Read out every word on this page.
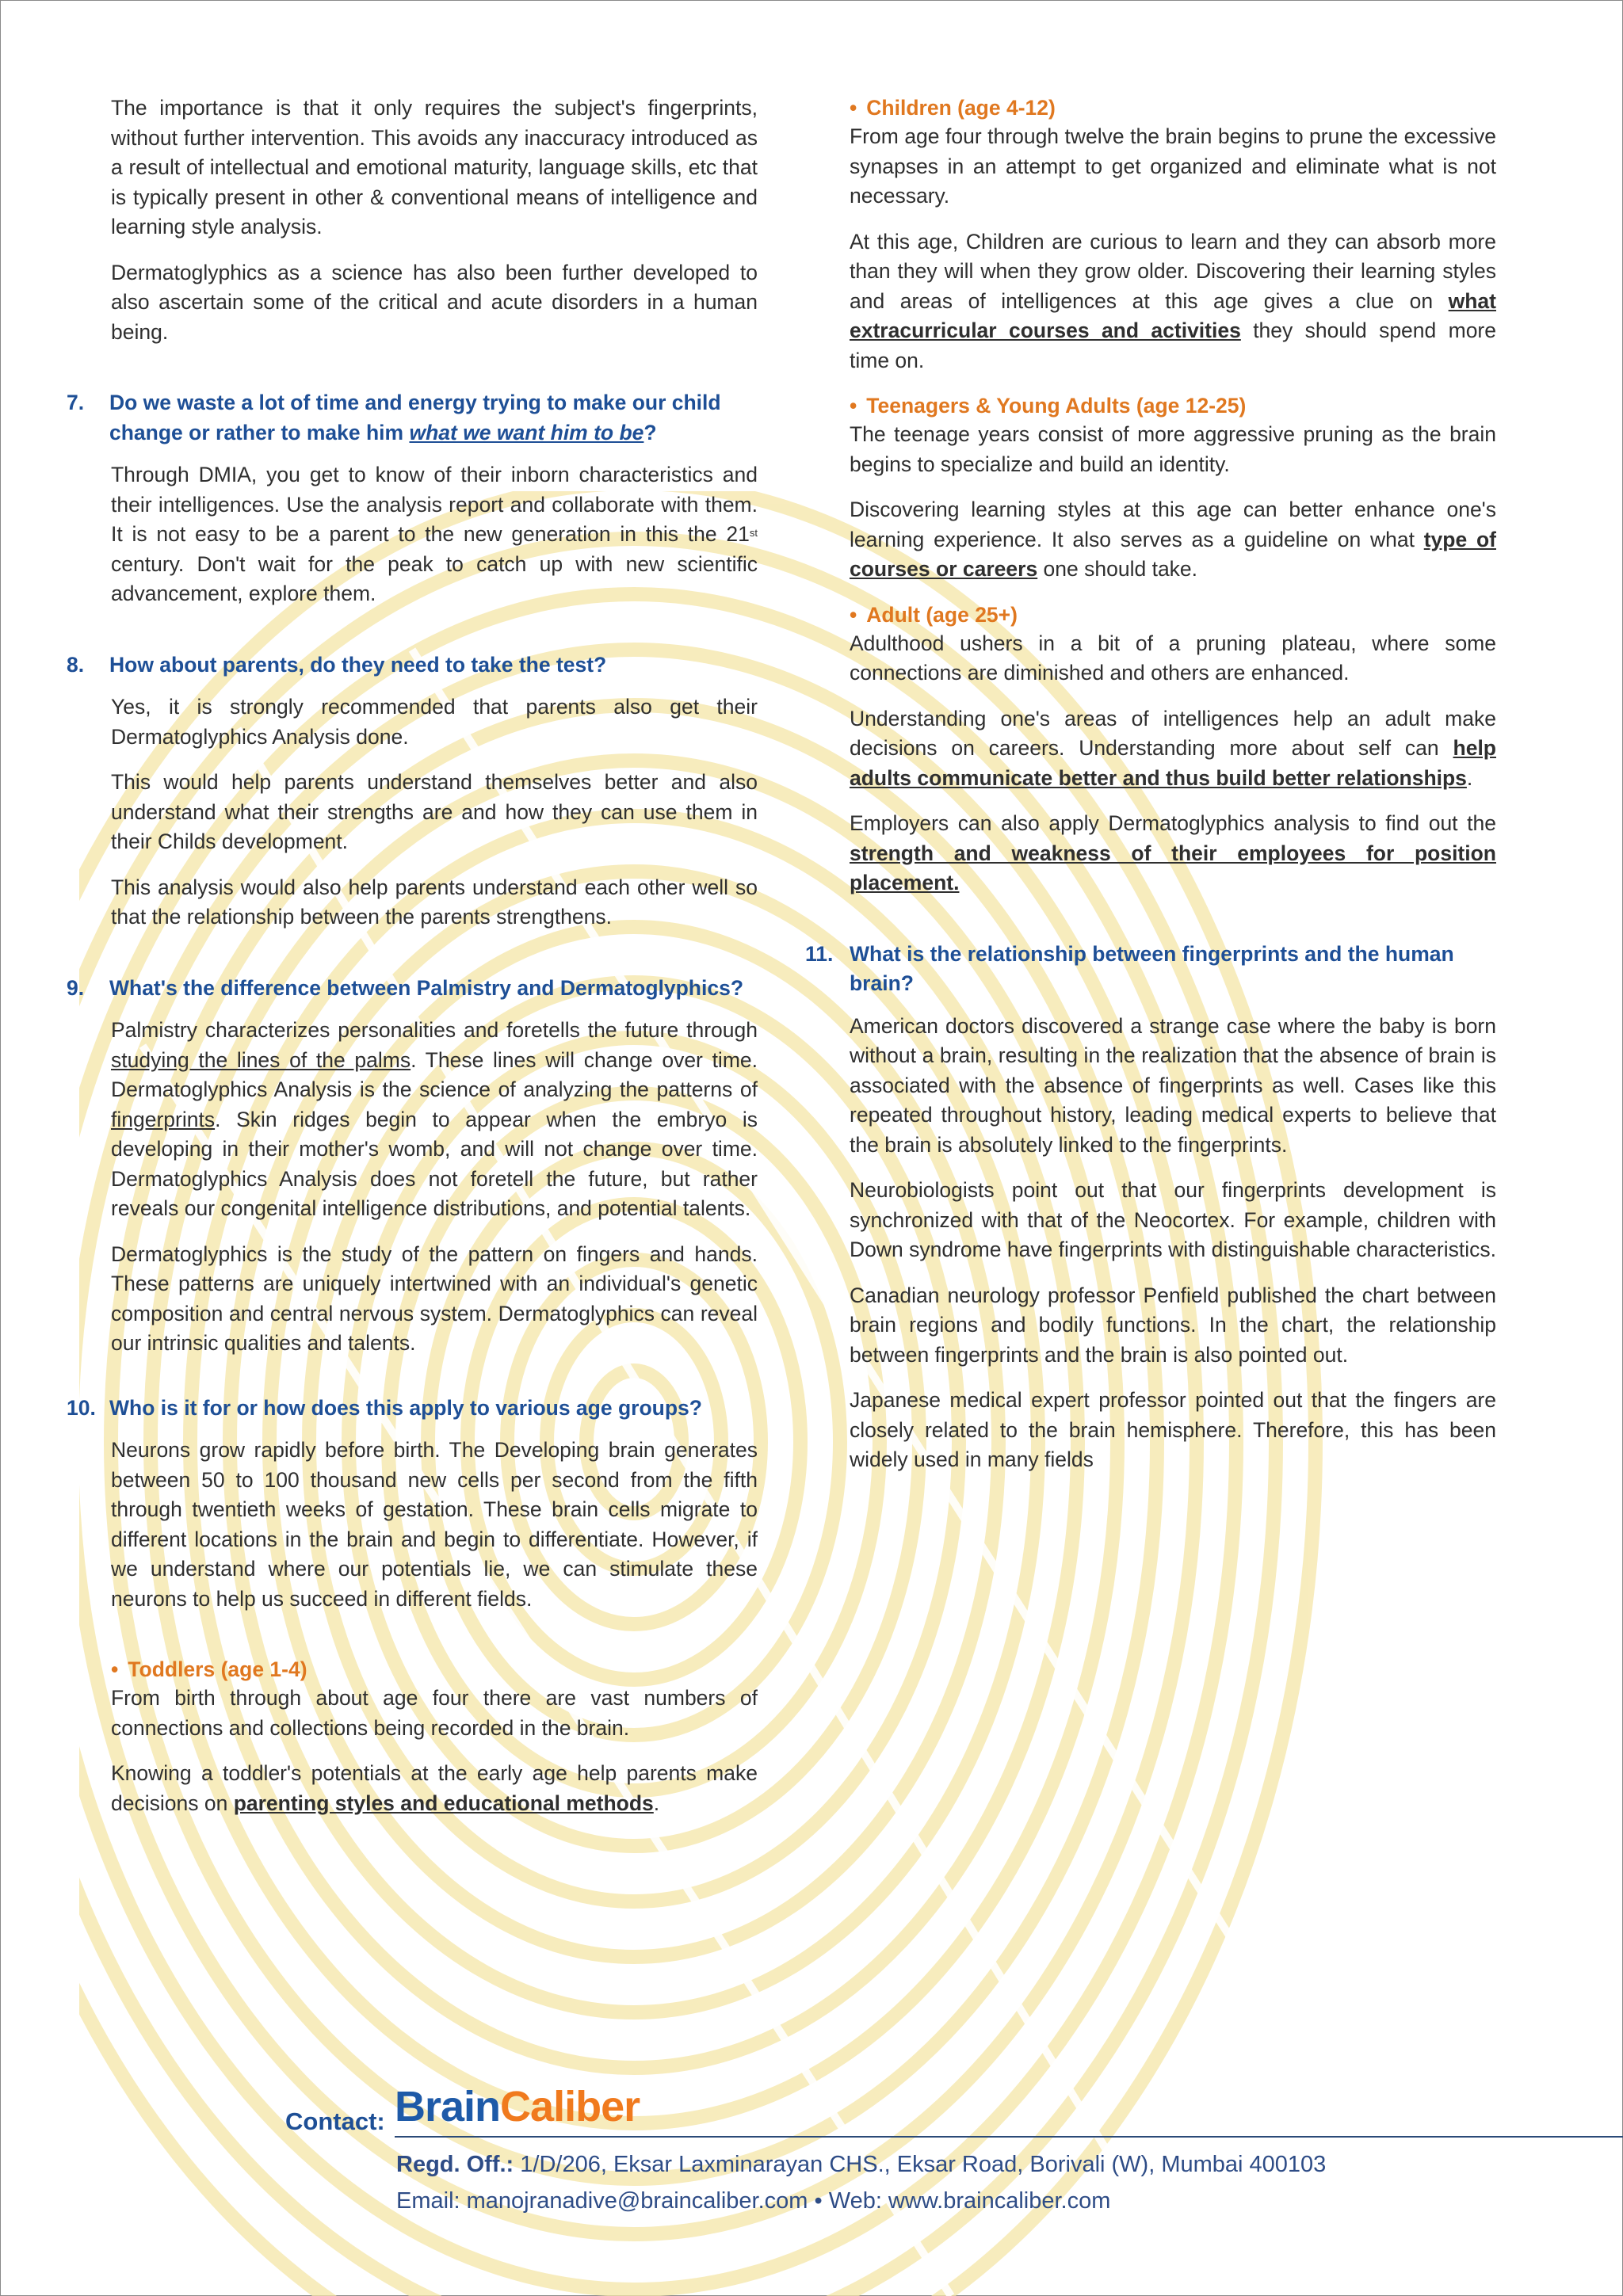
The importance is that it only requires the subject's fingerprints, without further intervention. This avoids any inaccuracy introduced as a result of intellectual and emotional maturity, language skills, etc that is typically present in other & conventional means of intelligence and learning style analysis.

Dermatoglyphics as a science has also been further developed to also ascertain some of the critical and acute disorders in a human being.

7.	Do we waste a lot of time and energy trying to make our child change or rather to make him what we want him to be?

Through DMIA, you get to know of their inborn characteristics and their intelligences. Use the analysis report and collaborate with them. It is not easy to be a parent to the new generation in this the 21st century. Don't wait for the peak to catch up with new scientific advancement, explore them.

8.	How about parents, do they need to take the test?

Yes, it is strongly recommended that parents also get their Dermatoglyphics Analysis done.

This would help parents understand themselves better and also understand what their strengths are and how they can use them in their Childs development.

This analysis would also help parents understand each other well so that the relationship between the parents strengthens.

9.	What's the difference between Palmistry and Dermatoglyphics?

Palmistry characterizes personalities and foretells the future through studying the lines of the palms. These lines will change over time. Dermatoglyphics Analysis is the science of analyzing the patterns of fingerprints. Skin ridges begin to appear when the embryo is developing in their mother's womb, and will not change over time. Dermatoglyphics Analysis does not foretell the future, but rather reveals our congenital intelligence distributions, and potential talents.

Dermatoglyphics is the study of the pattern on fingers and hands. These patterns are uniquely intertwined with an individual's genetic composition and central nervous system. Dermatoglyphics can reveal our intrinsic qualities and talents.

10. Who is it for or how does this apply to various age groups?

Neurons grow rapidly before birth. The Developing brain generates between 50 to 100 thousand new cells per second from the fifth through twentieth weeks of gestation. These brain cells migrate to different locations in the brain and begin to differentiate. However, if we understand where our potentials lie, we can stimulate these neurons to help us succeed in different fields.

• Toddlers (age 1-4)

From birth through about age four there are vast numbers of connections and collections being recorded in the brain.

Knowing a toddler's potentials at the early age help parents make decisions on parenting styles and educational methods.

• Children (age 4-12)

From age four through twelve the brain begins to prune the excessive synapses in an attempt to get organized and eliminate what is not necessary.

At this age, Children are curious to learn and they can absorb more than they will when they grow older. Discovering their learning styles and areas of intelligences at this age gives a clue on what extracurricular courses and activities they should spend more time on.

• Teenagers & Young Adults (age 12-25)

The teenage years consist of more aggressive pruning as the brain begins to specialize and build an identity.

Discovering learning styles at this age can better enhance one's learning experience. It also serves as a guideline on what type of courses or careers one should take.

• Adult (age 25+)

Adulthood ushers in a bit of a pruning plateau, where some connections are diminished and others are enhanced.

Understanding one's areas of intelligences help an adult make decisions on careers. Understanding more about self can help adults communicate better and thus build better relationships.

Employers can also apply Dermatoglyphics analysis to find out the strength and weakness of their employees for position placement.

11. What is the relationship between fingerprints and the human brain?

American doctors discovered a strange case where the baby is born without a brain, resulting in the realization that the absence of brain is associated with the absence of fingerprints as well. Cases like this repeated throughout history, leading medical experts to believe that the brain is absolutely linked to the fingerprints.

Neurobiologists point out that our fingerprints development is synchronized with that of the Neocortex. For example, children with Down syndrome have fingerprints with distinguishable characteristics.

Canadian neurology professor Penfield published the chart between brain regions and bodily functions. In the chart, the relationship between fingerprints and the brain is also pointed out.

Japanese medical expert professor pointed out that the fingers are closely related to the brain hemisphere. Therefore, this has been widely used in many fields

Contact: BrainCaliber
Regd. Off.: 1/D/206, Eksar Laxminarayan CHS., Eksar Road, Borivali (W), Mumbai 400103
Email: manojranadive@braincaliber.com • Web: www.braincaliber.com
